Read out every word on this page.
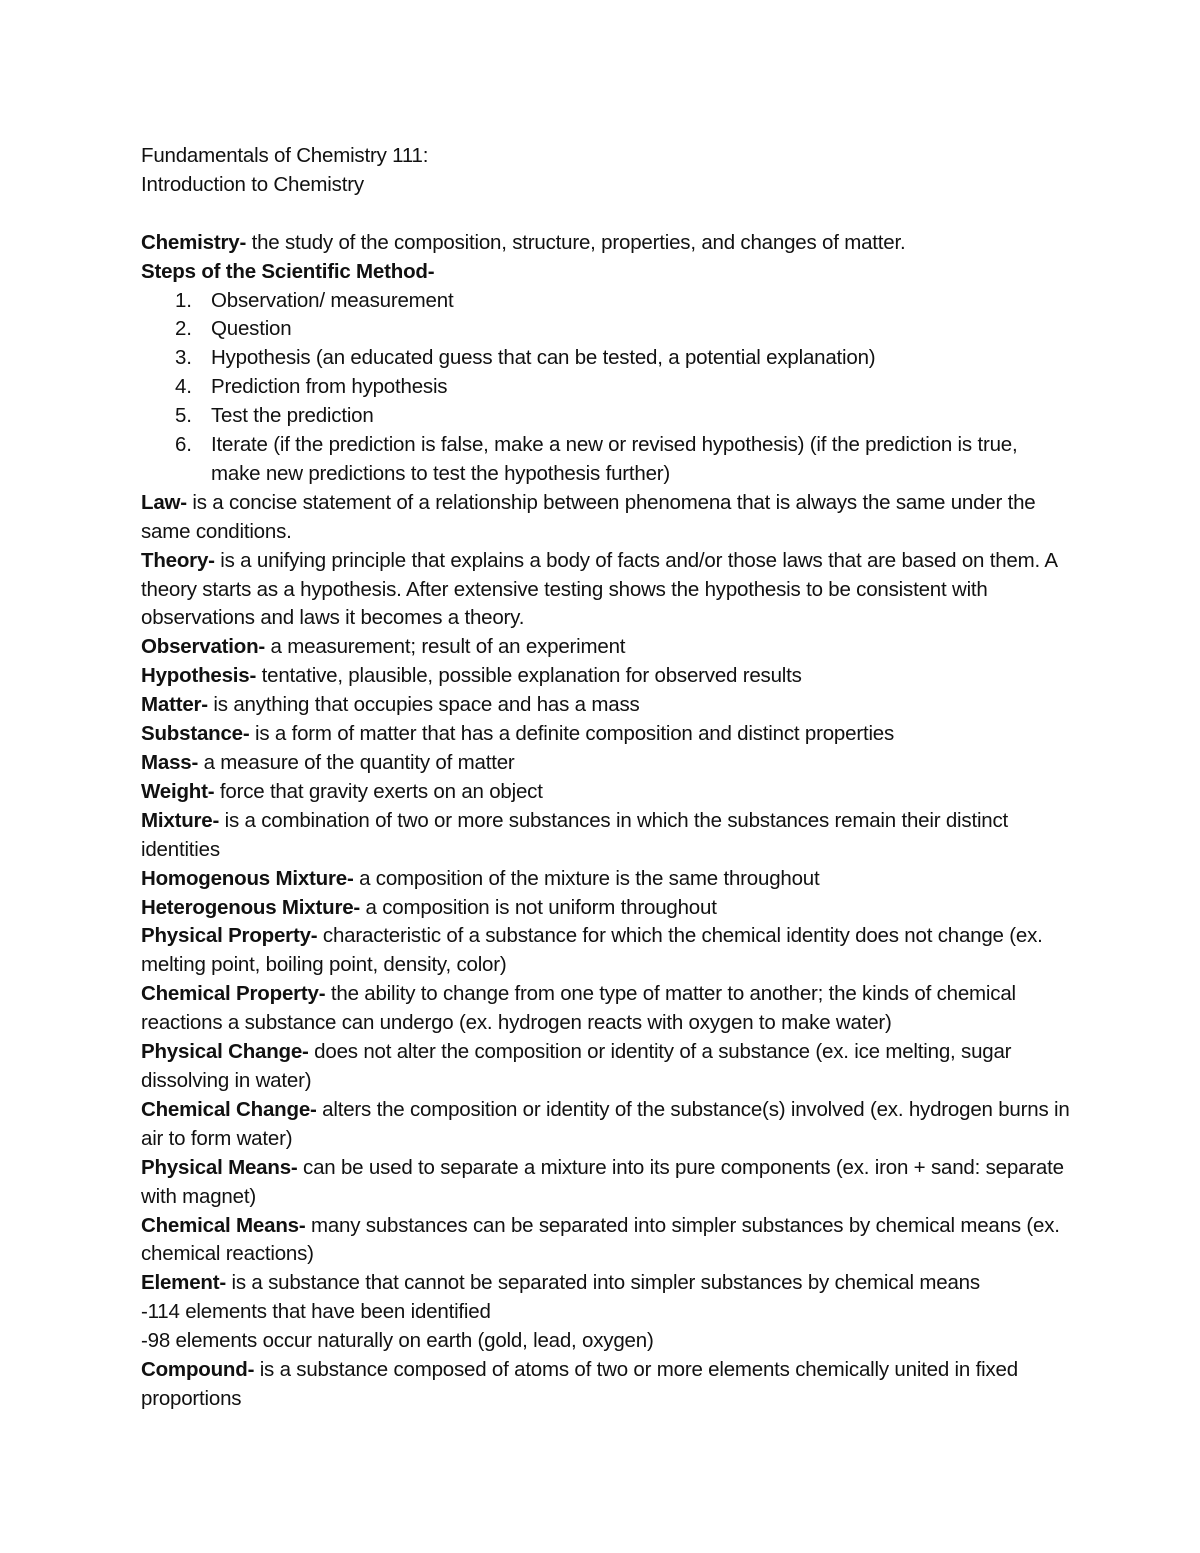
Fundamentals of Chemistry 111:

Introduction to Chemistry

Chemistry- the study of the composition, structure, properties, and changes of matter.

Steps of the Scientific Method-

1. Observation/ measurement
2. Question
3. Hypothesis (an educated guess that can be tested, a potential explanation)
4. Prediction from hypothesis
5. Test the prediction
6. Iterate (if the prediction is false, make a new or revised hypothesis) (if the prediction is true, make new predictions to test the hypothesis further)

Law- is a concise statement of a relationship between phenomena that is always the same under the same conditions.

Theory- is a unifying principle that explains a body of facts and/or those laws that are based on them. A theory starts as a hypothesis. After extensive testing shows the hypothesis to be consistent with observations and laws it becomes a theory.

Observation- a measurement; result of an experiment

Hypothesis- tentative, plausible, possible explanation for observed results

Matter- is anything that occupies space and has a mass

Substance- is a form of matter that has a definite composition and distinct properties

Mass- a measure of the quantity of matter

Weight- force that gravity exerts on an object

Mixture- is a combination of two or more substances in which the substances remain their distinct identities

Homogenous Mixture- a composition of the mixture is the same throughout

Heterogenous Mixture- a composition is not uniform throughout

Physical Property- characteristic of a substance for which the chemical identity does not change (ex. melting point, boiling point, density, color)

Chemical Property- the ability to change from one type of matter to another; the kinds of chemical reactions a substance can undergo (ex. hydrogen reacts with oxygen to make water)

Physical Change- does not alter the composition or identity of a substance (ex. ice melting, sugar dissolving in water)

Chemical Change- alters the composition or identity of the substance(s) involved (ex. hydrogen burns in air to form water)

Physical Means- can be used to separate a mixture into its pure components (ex. iron + sand: separate with magnet)

Chemical Means- many substances can be separated into simpler substances by chemical means (ex. chemical reactions)

Element- is a substance that cannot be separated into simpler substances by chemical means

-114 elements that have been identified

-98 elements occur naturally on earth (gold, lead, oxygen)

Compound- is a substance composed of atoms of two or more elements chemically united in fixed proportions
